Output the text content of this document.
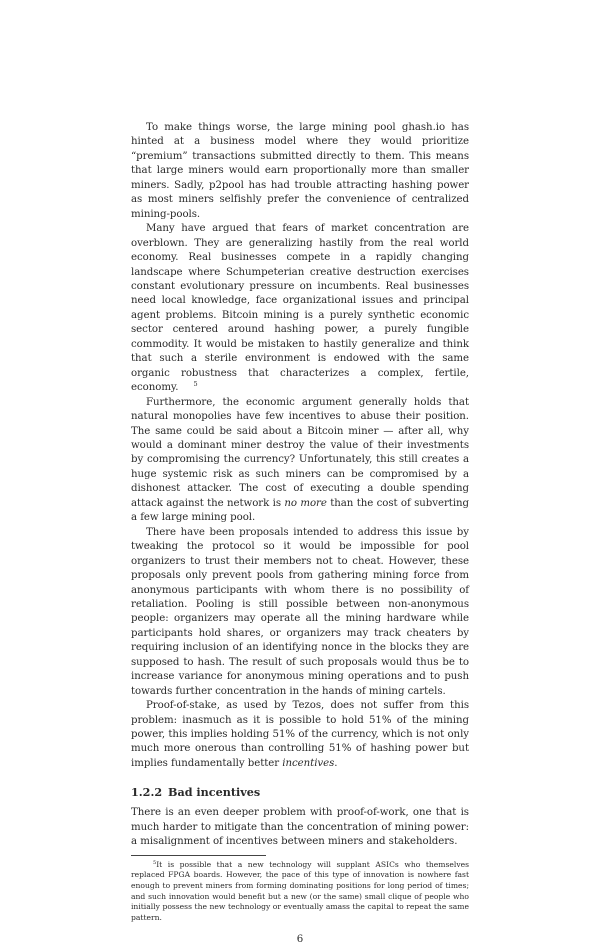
To make things worse, the large mining pool ghash.io has hinted at a business model where they would prioritize “premium” transactions submitted directly to them. This means that large miners would earn proportionally more than smaller miners. Sadly, p2pool has had trouble attracting hashing power as most miners selfishly prefer the convenience of centralized mining-pools.

Many have argued that fears of market concentration are overblown. They are generalizing hastily from the real world economy. Real businesses compete in a rapidly changing landscape where Schumpeterian creative destruction exercises constant evolutionary pressure on incumbents. Real businesses need local knowledge, face organizational issues and principal agent problems. Bitcoin mining is a purely synthetic economic sector centered around hashing power, a purely fungible commodity. It would be mistaken to hastily generalize and think that such a sterile environment is endowed with the same organic robustness that characterizes a complex, fertile, economy. 5

Furthermore, the economic argument generally holds that natural monopolies have few incentives to abuse their position. The same could be said about a Bitcoin miner — after all, why would a dominant miner destroy the value of their investments by compromising the currency? Unfortunately, this still creates a huge systemic risk as such miners can be compromised by a dishonest attacker. The cost of executing a double spending attack against the network is no more than the cost of subverting a few large mining pool.

There have been proposals intended to address this issue by tweaking the protocol so it would be impossible for pool organizers to trust their members not to cheat. However, these proposals only prevent pools from gathering mining force from anonymous participants with whom there is no possibility of retaliation. Pooling is still possible between non-anonymous people: organizers may operate all the mining hardware while participants hold shares, or organizers may track cheaters by requiring inclusion of an identifying nonce in the blocks they are supposed to hash. The result of such proposals would thus be to increase variance for anonymous mining operations and to push towards further concentration in the hands of mining cartels.

Proof-of-stake, as used by Tezos, does not suffer from this problem: inasmuch as it is possible to hold 51% of the mining power, this implies holding 51% of the currency, which is not only much more onerous than controlling 51% of hashing power but implies fundamentally better incentives.

1.2.2 Bad incentives

There is an even deeper problem with proof-of-work, one that is much harder to mitigate than the concentration of mining power: a misalignment of incentives between miners and stakeholders.

5It is possible that a new technology will supplant ASICs who themselves replaced FPGA boards. However, the pace of this type of innovation is nowhere fast enough to prevent miners from forming dominating positions for long period of times; and such innovation would benefit but a new (or the same) small clique of people who initially possess the new technology or eventually amass the capital to repeat the same pattern.

6
